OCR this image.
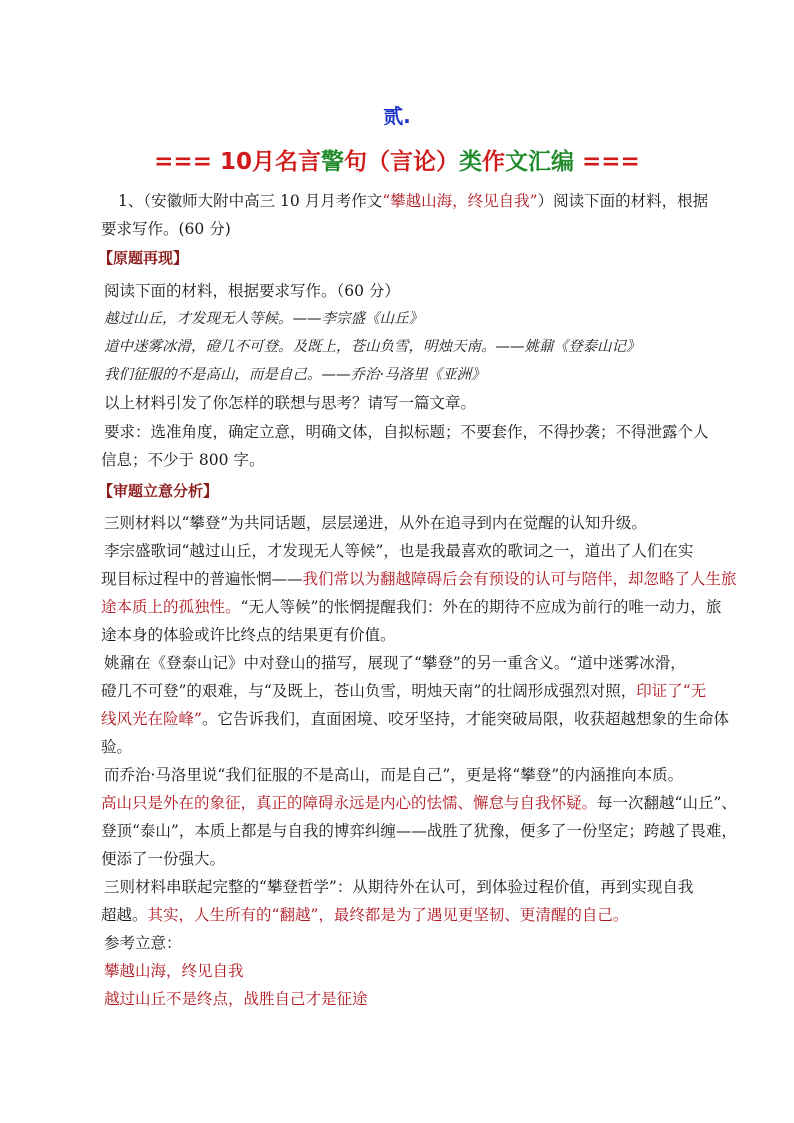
贰.
=== 10月名言警句（言论）类作文汇编 ===
1、（安徽师大附中高三 10 月月考作文“攀越山海，终见自我”）阅读下面的材料，根据
要求写作。(60 分)
【原题再现】
阅读下面的材料，根据要求写作。（60 分）
越过山丘，才发现无人等候。——李宗盛《山丘》
道中迷雾冰滑，磴几不可登。及既上，苍山负雪，明烛天南。——姚鼐《登泰山记》
我们征服的不是高山，而是自己。——乔治·马洛里《亚洲》
以上材料引发了你怎样的联想与思考？请写一篇文章。
要求：选准角度，确定立意，明确文体，自拟标题；不要套作，不得抄袭；不得泄露个人
信息；不少于 800 字。
【审题立意分析】
三则材料以“攀登”为共同话题，层层递进，从外在追寻到内在觉醒的认知升级。
李宗盛歌词“越过山丘，才发现无人等候”，也是我最喜欢的歌词之一，道出了人们在实
现目标过程中的普遍怅惘——我们常以为翻越障碍后会有预设的认可与陪伴，却忽略了人生旅
途本质上的孤独性。“无人等候”的怅惘提醒我们：外在的期待不应成为前行的唯一动力，旅
途本身的体验或许比终点的结果更有价值。
姚鼐在《登泰山记》中对登山的描写，展现了“攀登”的另一重含义。“道中迷雾冰滑，
磴几不可登”的艰难，与“及既上，苍山负雪，明烛天南”的壮阔形成强烈对照，印证了“无
线风光在险峰”。它告诉我们，直面困境、咬牙坚持，才能突破局限，收获超越想象的生命体
验。
而乔治·马洛里说“我们征服的不是高山，而是自己”，更是将“攀登”的内涵推向本质。
高山只是外在的象征，真正的障碍永远是内心的怯懦、懈怠与自我怀疑。每一次翻越“山丘”、
登顶“泰山”，本质上都是与自我的博弈纠缠——战胜了犹豫，便多了一份坚定；跨越了畏难，
便添了一份强大。
三则材料串联起完整的“攀登哲学”：从期待外在认可，到体验过程价值，再到实现自我
超越。其实，人生所有的“翻越”，最终都是为了遇见更坚韧、更清醒的自己。
参考立意：
攀越山海，终见自我
越过山丘不是终点，战胜自己才是征途
